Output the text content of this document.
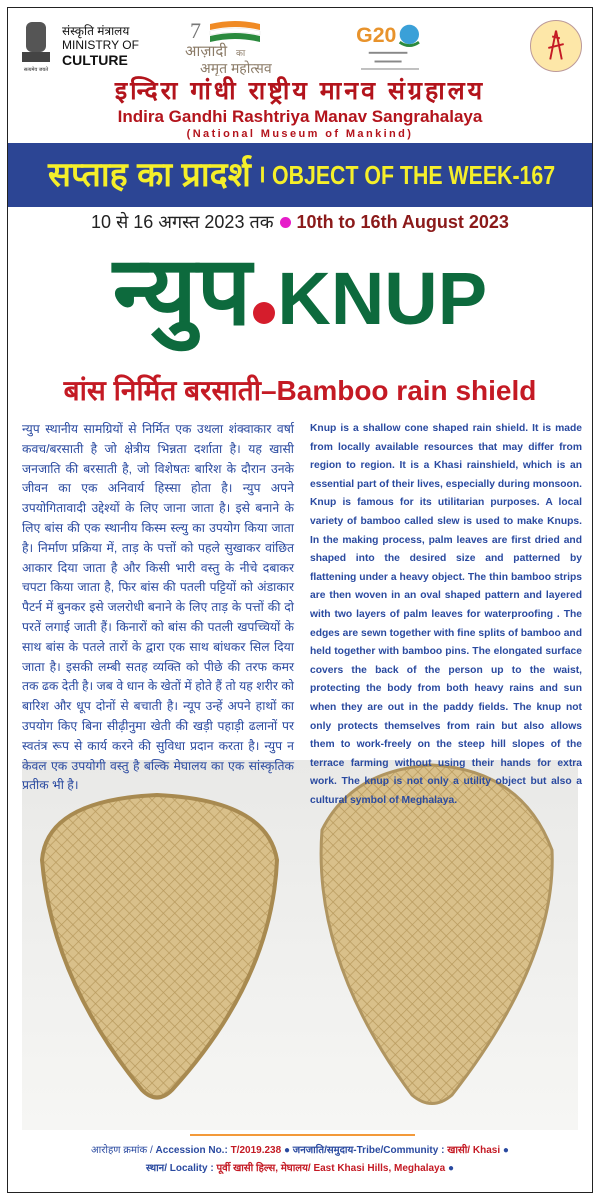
सत्यमेव जयते
संस्कृति मंत्रालय
MINISTRY OF
CULTURE
7
आज़ादी का
अमृत महोत्सव
G20
इन्दिरा गांधी राष्ट्रीय मानव संग्रहालय
Indira Gandhi Rashtriya Manav Sangrahalaya
(National Museum of Mankind)
सप्ताह का प्रादर्श । OBJECT OF THE WEEK-167
10 से 16 अगस्त 2023 तक 10th to 16th August 2023
न्युप KNUP
बांस निर्मित बरसाती–Bamboo rain shield
न्युप स्थानीय सामग्रियों से निर्मित एक उथला शंक्वाकार वर्षा कवच/बरसाती है जो क्षेत्रीय भिन्नता दर्शाता है। यह खासी जनजाति की बरसाती है, जो विशेषतः बारिश के दौरान उनके जीवन का एक अनिवार्य हिस्सा होता है। न्युप अपने उपयोगितावादी उद्देश्यों के लिए जाना जाता है। इसे बनाने के लिए बांस की एक स्थानीय किस्म स्ल्यु का उपयोग किया जाता है। निर्माण प्रक्रिया में, ताड़ के पत्तों को पहले सुखाकर वांछित आकार दिया जाता है और किसी भारी वस्तु के नीचे दबाकर चपटा किया जाता है, फिर बांस की पतली पट्टियों को अंडाकार पैटर्न में बुनकर इसे जलरोधी बनाने के लिए ताड़ के पत्तों की दो परतें लगाई जाती हैं। किनारों को बांस की पतली खपच्चियों के साथ बांस के पतले तारों के द्वारा एक साथ बांधकर सिल दिया जाता है। इसकी लम्बी सतह व्यक्ति को पीछे की तरफ कमर तक ढक देती है। जब वे धान के खेतों में होते हैं तो यह शरीर को बारिश और धूप दोनों से बचाती है। न्यूप उन्हें अपने हाथों का उपयोग किए बिना सीढ़ीनुमा खेती की खड़ी पहाड़ी ढलानों पर स्वतंत्र रूप से कार्य करने की सुविधा प्रदान करता है। न्युप न केवल एक उपयोगी वस्तु है बल्कि मेघालय का एक सांस्कृतिक प्रतीक भी है।
Knup is a shallow cone shaped rain shield. It is made from locally available resources that may differ from region to region. It is a Khasi rainshield, which is an essential part of their lives, especially during monsoon. Knup is famous for its utilitarian purposes. A local variety of bamboo called slew is used to make Knups. In the making process, palm leaves are first dried and shaped into the desired size and patterned by flattening under a heavy object. The thin bamboo strips are then woven in an oval shaped pattern and layered with two layers of palm leaves for waterproofing . The edges are sewn together with fine splits of bamboo and held together with bamboo pins. The elongated surface covers the back of the person up to the waist, protecting the body from both heavy rains and sun when they are out in the paddy fields. The knup not only protects themselves from rain but also allows them to work-freely on the steep hill slopes of the terrace farming without using their hands for extra work. The knup is not only a utility object but also a cultural symbol of Meghalaya.
आरोहण क्रमांक / Accession No.: T/2019.238 ● जनजाति/समुदाय-Tribe/Community : खासी/ Khasi ●
स्थान/ Locality : पूर्वी खासी हिल्स, मेघालय/ East Khasi Hills, Meghalaya ●
